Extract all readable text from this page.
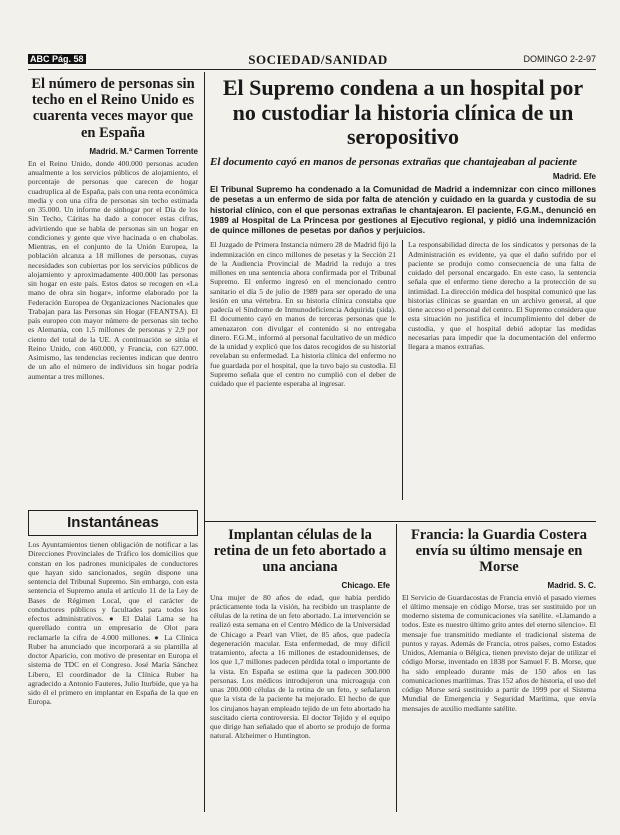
ABC Pág. 58	SOCIEDAD/SANIDAD	DOMINGO 2-2-97
El número de personas sin techo en el Reino Unido es cuarenta veces mayor que en España
Madrid. M.ª Carmen Torrente
En el Reino Unido, donde 400.000 personas acuden anualmente a los servicios públicos de alojamiento, el porcentaje de personas que carecen de hogar cuadruplica al de España, país con una renta económica media y con una cifra de personas sin techo estimada en 35.000. Un informe de sinhogar por el Día de los Sin Techo, Cáritas ha dado a conocer estas cifras, advirtiendo que se habla de personas sin un hogar en condiciones y gente que vive hacinada o en chabolas. Mientras, en el conjunto de la Unión Europea, la población alcanza a 18 millones de personas, cuyas necesidades son cubiertas por los servicios públicos de alojamiento y aproximadamente 400.000 las personas sin hogar en este país. Estos datos se recogen en «La mano de obra sin hogar», informe elaborado por la Federación Europea de Organizaciones Nacionales que Trabajan para las Personas sin Hogar (FEANTSA). El país europeo con mayor número de personas sin techo es Alemania, con 1,5 millones de personas y 2,9 por ciento del total de la UE. A continuación se sitúa el Reino Unido, con 460.000, y Francia, con 627.000. Asimismo, las tendencias recientes indican que dentro de un año el número de individuos sin hogar podría aumentar a tres millones.
Instantáneas
Los Ayuntamientos tienen obligación de notificar a las Direcciones Provinciales de Tráfico los domicilios que constan en los padrones municipales de conductores que hayan sido sancionados, según dispone una sentencia del Tribunal Supremo. Sin embargo, con esta sentencia el Supremo anula el artículo 11 de la Ley de Bases de Régimen Local, que el carácter de conductores públicos y facultades para todos los efectos administrativos. ● El Dalai Lama se ha querellado contra un empresario de Olot para reclamarle la cifra de 4.000 millones. ● La Clínica Ruber ha anunciado que incorporará a su plantilla al doctor Aparicio, con motivo de presentar en Europa el sistema de TDC en el Congreso. José María Sánchez Líbero, El coordinador de la Clínica Ruber ha agradecido a Antonio Fauteres, Julio Iturbide, que ya ha sido él el primero en implantar en España de la que en Europa.
El Supremo condena a un hospital por no custodiar la historia clínica de un seropositivo
El documento cayó en manos de personas extrañas que chantajeaban al paciente
Madrid. Efe
El Tribunal Supremo ha condenado a la Comunidad de Madrid a indemnizar con cinco millones de pesetas a un enfermo de sida por falta de atención y cuidado en la guarda y custodia de su historial clínico, con el que personas extrañas le chantajearon. El paciente, F.G.M., denunció en 1989 al Hospital de La Princesa por gestiones al Ejecutivo regional, y pidió una indemnización de quince millones de pesetas por daños y perjuicios.
El Juzgado de Primera Instancia número 28 de Madrid fijó la indemnización en cinco millones de pesetas y la Sección 21 de la Audiencia Provincial de Madrid la redujo a tres millones en una sentencia ahora confirmada por el Tribunal Supremo. El enfermo ingresó en el mencionado centro sanitario el día 5 de julio de 1989 para ser operado de una lesión en una vértebra. En su historia clínica constaba que padecía el Síndrome de Inmunodeficiencia Adquirida (sida). El documento cayó en manos de terceras personas que le amenazaron con divulgar el contenido si no entregaba dinero. F.G.M., informó al personal facultativo de un médico de la unidad y explicó que los datos recogidos de su historial revelaban su enfermedad. La historia clínica del enfermo no fue guardada por el hospital, que la tuvo bajo su custodia. El Supremo señala que el centro no cumplió con el deber de cuidado que el paciente esperaba al ingresar.
La responsabilidad directa de los sindicatos y personas de la Administración es evidente, ya que el daño sufrido por el paciente se produjo como consecuencia de una falta de cuidado del personal encargado. En este caso, la sentencia señala que el enfermo tiene derecho a la protección de su intimidad. La dirección médica del hospital comunicó que las historias clínicas se guardan en un archivo general, al que tiene acceso el personal del centro. El Supremo considera que esta situación no justifica el incumplimiento del deber de custodia, y que el hospital debió adoptar las medidas necesarias para impedir que la documentación del enfermo llegara a manos extrañas.
Implantan células de la retina de un feto abortado a una anciana
Chicago. Efe
Una mujer de 80 años de edad, que había perdido prácticamente toda la visión, ha recibido un trasplante de células de la retina de un feto abortado. La intervención se realizó esta semana en el Centro Médico de la Universidad de Chicago a Pearl van Vliet, de 85 años, que padecía degeneración macular. Esta enfermedad, de muy difícil tratamiento, afecta a 16 millones de estadounidenses, de los que 1,7 millones padecen pérdida total o importante de la vista. En España se estima que la padecen 300.000 personas. Los médicos introdujeron una microaguja con unas 200.000 células de la retina de un feto, y señalaron que la vista de la paciente ha mejorado. El hecho de que los cirujanos hayan empleado tejido de un feto abortado ha suscitado cierta controversia. El doctor Tejido y el equipo que dirige han señalado que el aborto se produjo de forma natural. Alzheimer o Huntington.
Francia: la Guardia Costera envía su último mensaje en Morse
Madrid. S. C.
El Servicio de Guardacostas de Francia envió el pasado viernes el último mensaje en código Morse, tras ser sustituido por un moderno sistema de comunicaciones vía satélite. «Llamando a todos. Este es nuestro último grito antes del eterno silencio». El mensaje fue transmitido mediante el tradicional sistema de puntos y rayas. Además de Francia, otros países, como Estados Unidos, Alemania o Bélgica, tienen previsto dejar de utilizar el código Morse, inventado en 1838 por Samuel F. B. Morse, que ha sido empleado durante más de 150 años en las comunicaciones marítimas. Tras 152 años de historia, el uso del código Morse será sustituido a partir de 1999 por el Sistema Mundial de Emergencia y Seguridad Marítima, que envía mensajes de auxilio mediante satélite.
